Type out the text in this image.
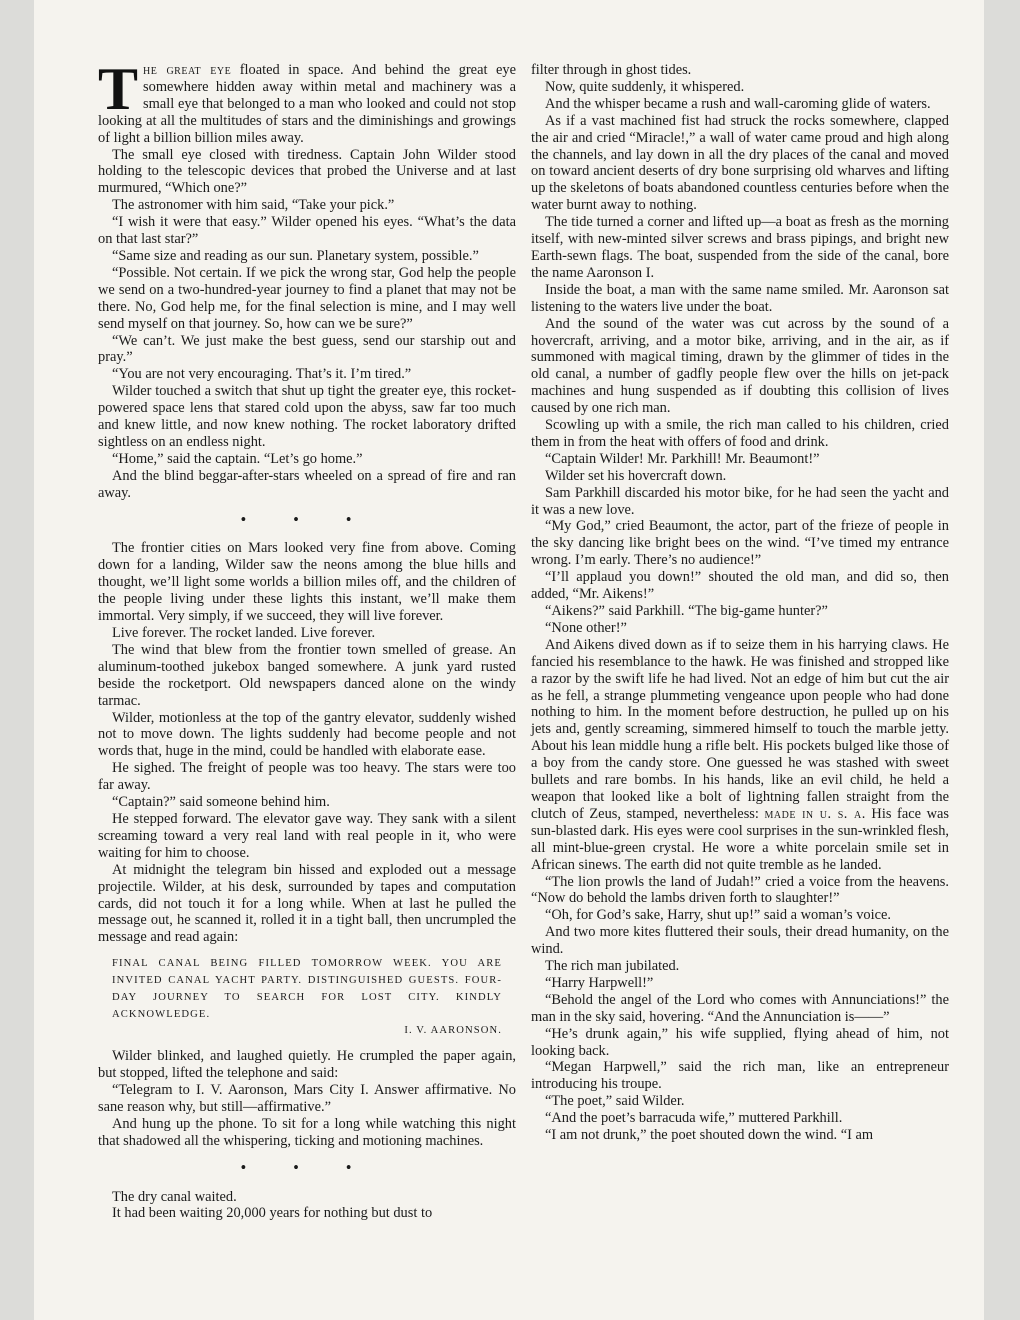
The great eye floated in space. And behind the great eye somewhere hidden away within metal and machinery was a small eye that belonged to a man who looked and could not stop looking at all the multitudes of stars and the diminishings and growings of light a billion billion miles away.

The small eye closed with tiredness. Captain John Wilder stood holding to the telescopic devices that probed the Universe and at last murmured, “Which one?”

The astronomer with him said, “Take your pick.”

“I wish it were that easy.” Wilder opened his eyes. “What’s the data on that last star?”

“Same size and reading as our sun. Planetary system, possible.”

“Possible. Not certain. If we pick the wrong star, God help the people we send on a two-hundred-year journey to find a planet that may not be there. No, God help me, for the final selection is mine, and I may well send myself on that journey. So, how can we be sure?”

“We can’t. We just make the best guess, send our starship out and pray.”

“You are not very encouraging. That’s it. I’m tired.”

Wilder touched a switch that shut up tight the greater eye, this rocket-powered space lens that stared cold upon the abyss, saw far too much and knew little, and now knew nothing. The rocket laboratory drifted sightless on an endless night.

“Home,” said the captain. “Let’s go home.”

And the blind beggar-after-stars wheeled on a spread of fire and ran away.

• • •

The frontier cities on Mars looked very fine from above. Coming down for a landing, Wilder saw the neons among the blue hills and thought, we’ll light some worlds a billion miles off, and the children of the people living under these lights this instant, we’ll make them immortal. Very simply, if we succeed, they will live forever.

Live forever. The rocket landed. Live forever.

The wind that blew from the frontier town smelled of grease. An aluminum-toothed jukebox banged somewhere. A junk yard rusted beside the rocketport. Old newspapers danced alone on the windy tarmac.

Wilder, motionless at the top of the gantry elevator, suddenly wished not to move down. The lights suddenly had become people and not words that, huge in the mind, could be handled with elaborate ease.

He sighed. The freight of people was too heavy. The stars were too far away.

“Captain?” said someone behind him.

He stepped forward. The elevator gave way. They sank with a silent screaming toward a very real land with real people in it, who were waiting for him to choose.

At midnight the telegram bin hissed and exploded out a message projectile. Wilder, at his desk, surrounded by tapes and computation cards, did not touch it for a long while. When at last he pulled the message out, he scanned it, rolled it in a tight ball, then uncrumpled the message and read again:

FINAL CANAL BEING FILLED TOMORROW WEEK. YOU ARE INVITED CANAL YACHT PARTY. DISTINGUISHED GUESTS. FOUR-DAY JOURNEY TO SEARCH FOR LOST CITY. KINDLY ACKNOWLEDGE.
I. V. AARONSON.

Wilder blinked, and laughed quietly. He crumpled the paper again, but stopped, lifted the telephone and said:

“Telegram to I. V. Aaronson, Mars City I. Answer affirmative. No sane reason why, but still—affirmative.”

And hung up the phone. To sit for a long while watching this night that shadowed all the whispering, ticking and motioning machines.

• • •

The dry canal waited.

It had been waiting 20,000 years for nothing but dust to

filter through in ghost tides.

Now, quite suddenly, it whispered.

And the whisper became a rush and wall-caroming glide of waters.

As if a vast machined fist had struck the rocks somewhere, clapped the air and cried “Miracle!,” a wall of water came proud and high along the channels, and lay down in all the dry places of the canal and moved on toward ancient deserts of dry bone surprising old wharves and lifting up the skeletons of boats abandoned countless centuries before when the water burnt away to nothing.

The tide turned a corner and lifted up—a boat as fresh as the morning itself, with new-minted silver screws and brass pipings, and bright new Earth-sewn flags. The boat, suspended from the side of the canal, bore the name Aaronson I.

Inside the boat, a man with the same name smiled. Mr. Aaronson sat listening to the waters live under the boat.

And the sound of the water was cut across by the sound of a hovercraft, arriving, and a motor bike, arriving, and in the air, as if summoned with magical timing, drawn by the glimmer of tides in the old canal, a number of gadfly people flew over the hills on jet-pack machines and hung suspended as if doubting this collision of lives caused by one rich man.

Scowling up with a smile, the rich man called to his children, cried them in from the heat with offers of food and drink.

“Captain Wilder! Mr. Parkhill! Mr. Beaumont!”

Wilder set his hovercraft down.

Sam Parkhill discarded his motor bike, for he had seen the yacht and it was a new love.

“My God,” cried Beaumont, the actor, part of the frieze of people in the sky dancing like bright bees on the wind. “I’ve timed my entrance wrong. I’m early. There’s no audience!”

“I’ll applaud you down!” shouted the old man, and did so, then added, “Mr. Aikens!”

“Aikens?” said Parkhill. “The big-game hunter?”

“None other!”

And Aikens dived down as if to seize them in his harrying claws. He fancied his resemblance to the hawk. He was finished and stropped like a razor by the swift life he had lived. Not an edge of him but cut the air as he fell, a strange plummeting vengeance upon people who had done nothing to him. In the moment before destruction, he pulled up on his jets and, gently screaming, simmered himself to touch the marble jetty. About his lean middle hung a rifle belt. His pockets bulged like those of a boy from the candy store. One guessed he was stashed with sweet bullets and rare bombs. In his hands, like an evil child, he held a weapon that looked like a bolt of lightning fallen straight from the clutch of Zeus, stamped, nevertheless: made in u. s. a. His face was sun-blasted dark. His eyes were cool surprises in the sun-wrinkled flesh, all mint-blue-green crystal. He wore a white porcelain smile set in African sinews. The earth did not quite tremble as he landed.

“The lion prowls the land of Judah!” cried a voice from the heavens. “Now do behold the lambs driven forth to slaughter!”

“Oh, for God’s sake, Harry, shut up!” said a woman’s voice.

And two more kites fluttered their souls, their dread humanity, on the wind.

The rich man jubilated.

“Harry Harpwell!”

“Behold the angel of the Lord who comes with Annunciations!” the man in the sky said, hovering. “And the Annunciation is——”

“He’s drunk again,” his wife supplied, flying ahead of him, not looking back.

“Megan Harpwell,” said the rich man, like an entrepreneur introducing his troupe.

“The poet,” said Wilder.

“And the poet’s barracuda wife,” muttered Parkhill.

“I am not drunk,” the poet shouted down the wind. “I am
